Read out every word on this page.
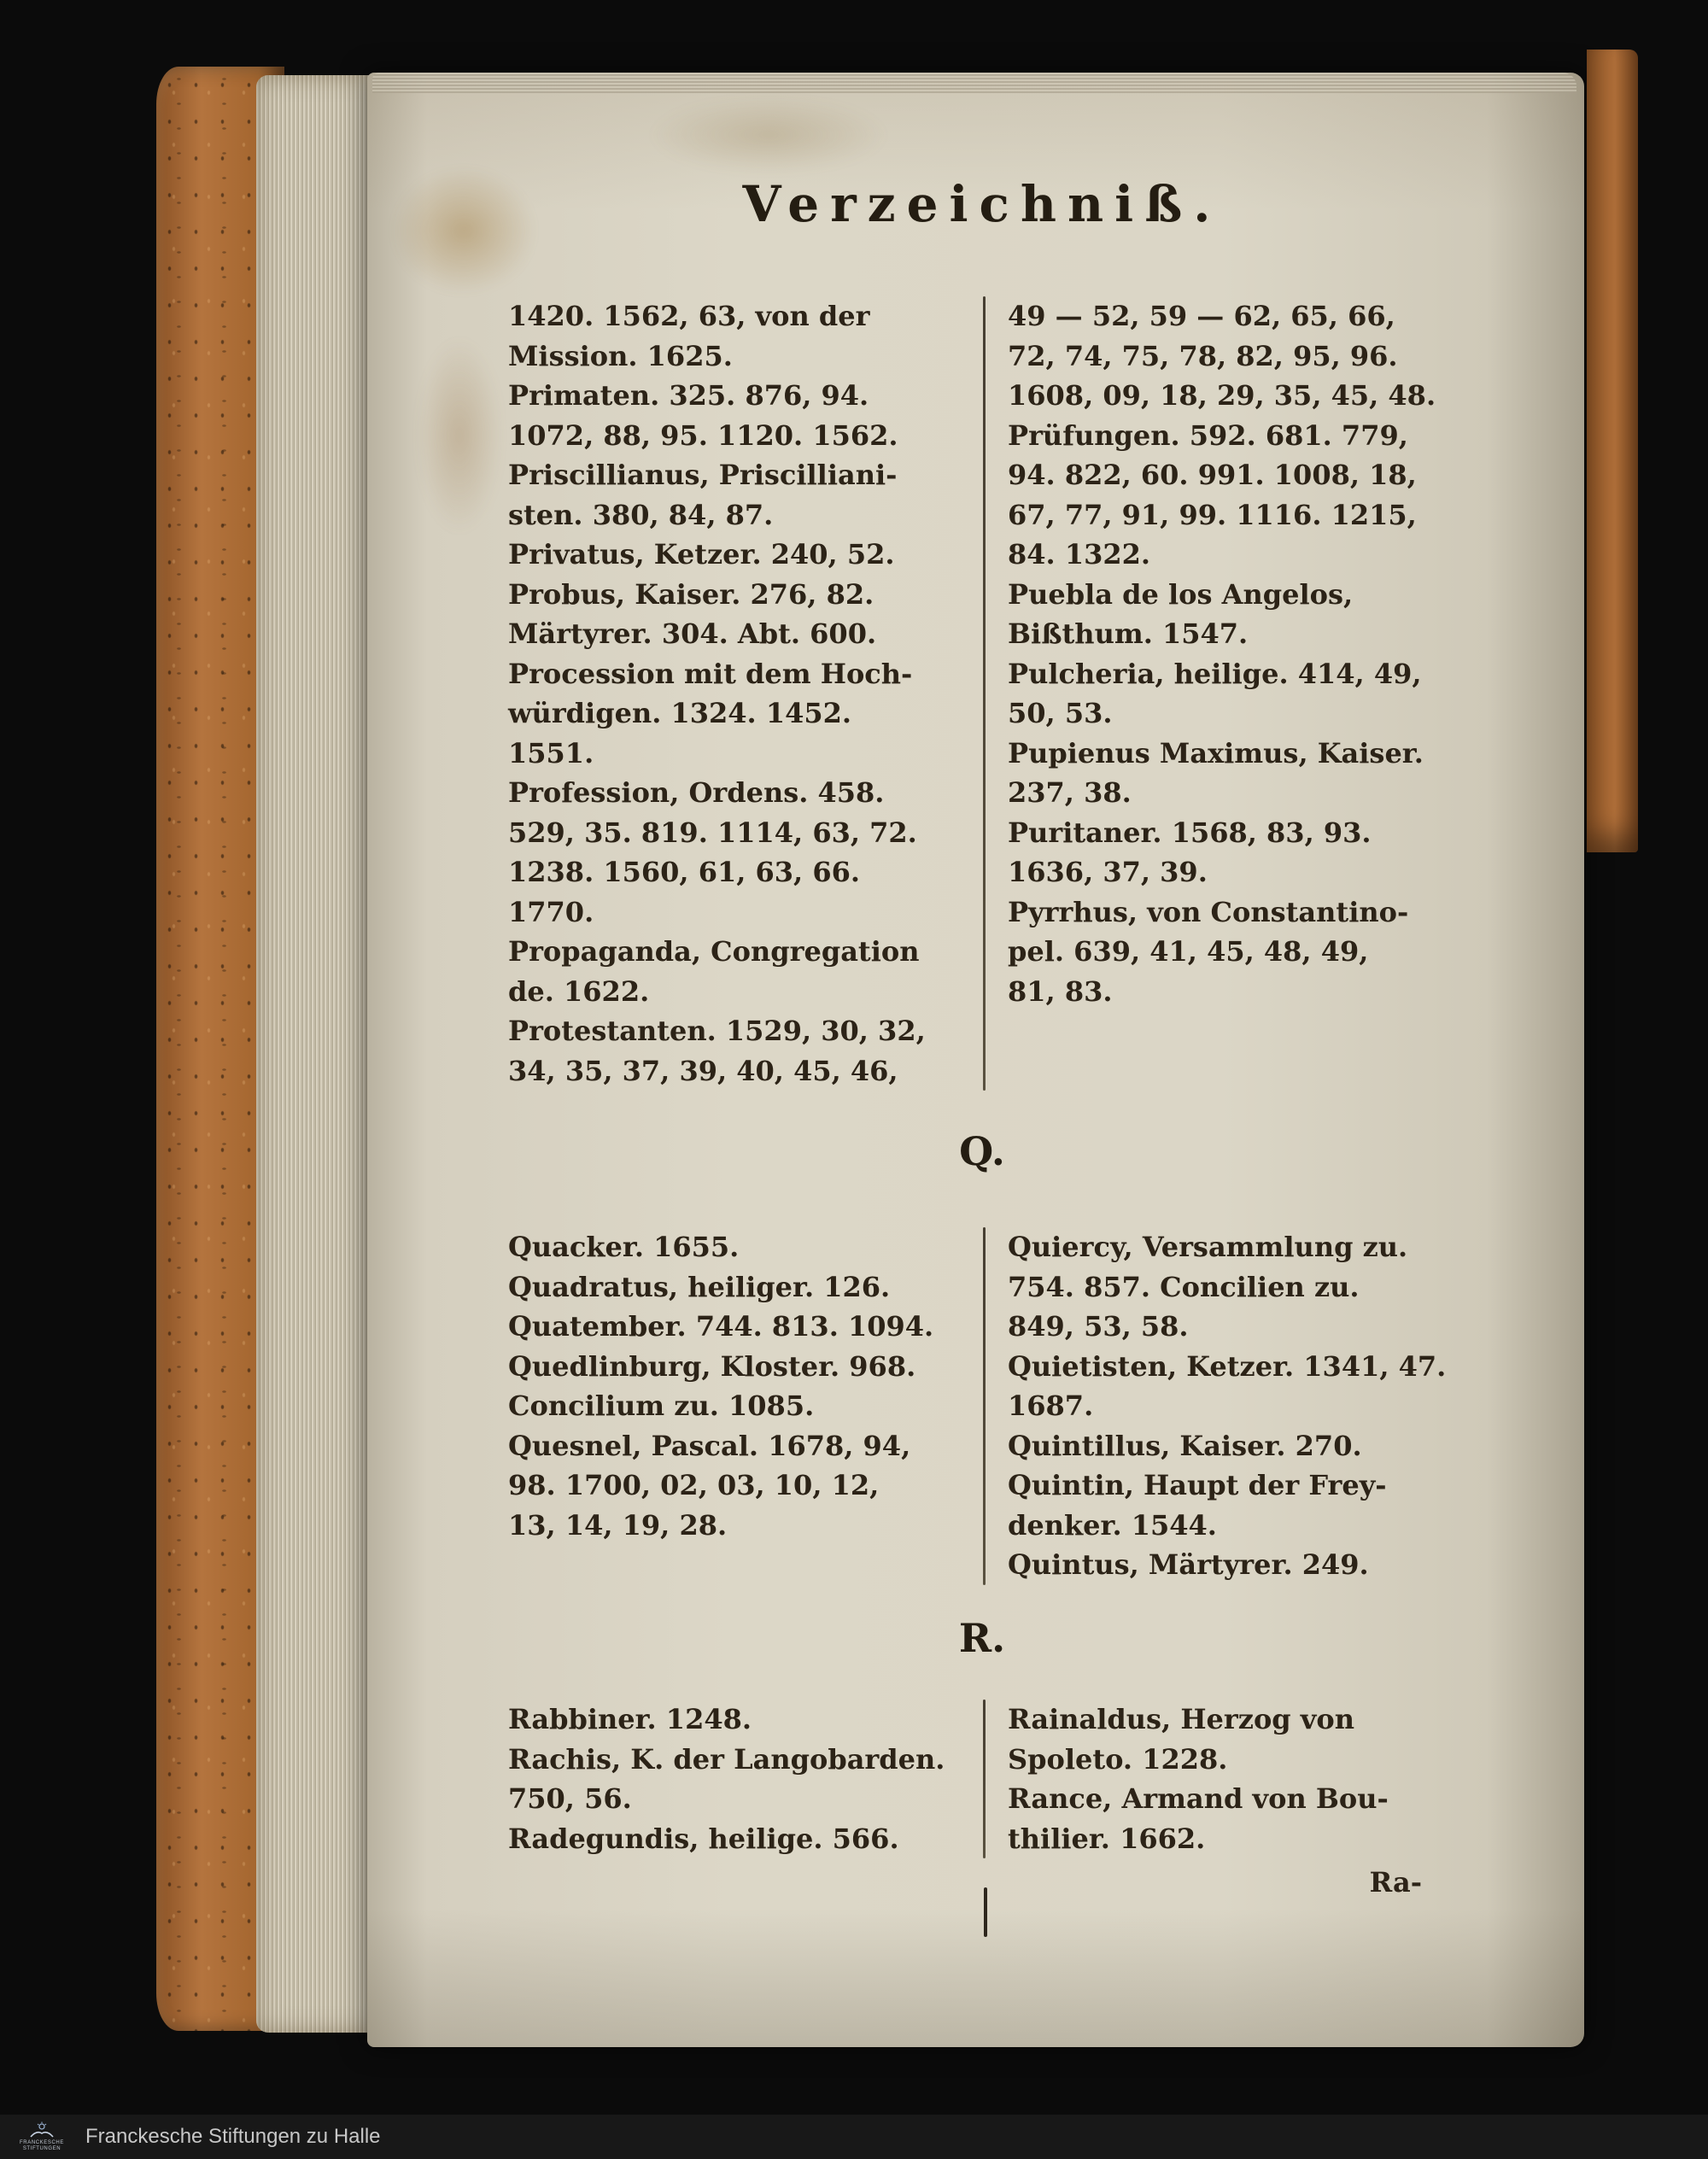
Verzeichniß.
1420. 1562, 63, von der
Mission. 1625.
Primaten. 325. 876, 94.
1072, 88, 95. 1120. 1562.
Priscillianus, Priscilliani-
sten. 380, 84, 87.
Privatus, Ketzer. 240, 52.
Probus, Kaiser. 276, 82.
Märtyrer. 304. Abt. 600.
Procession mit dem Hoch-
würdigen. 1324. 1452.
1551.
Profession, Ordens. 458.
529, 35. 819. 1114, 63, 72.
1238. 1560, 61, 63, 66.
1770.
Propaganda, Congregation
de. 1622.
Protestanten. 1529, 30, 32,
34, 35, 37, 39, 40, 45, 46,
49 — 52, 59 — 62, 65, 66,
72, 74, 75, 78, 82, 95, 96.
1608, 09, 18, 29, 35, 45, 48.
Prüfungen. 592. 681. 779,
94. 822, 60. 991. 1008, 18,
67, 77, 91, 99. 1116. 1215,
84. 1322.
Puebla de los Angelos,
Bißthum. 1547.
Pulcheria, heilige. 414, 49,
50, 53.
Pupienus Maximus, Kaiser.
237, 38.
Puritaner. 1568, 83, 93.
1636, 37, 39.
Pyrrhus, von Constantino-
pel. 639, 41, 45, 48, 49,
81, 83.
Q.
Quacker. 1655.
Quadratus, heiliger. 126.
Quatember. 744. 813. 1094.
Quedlinburg, Kloster. 968.
Concilium zu. 1085.
Quesnel, Pascal. 1678, 94,
98. 1700, 02, 03, 10, 12,
13, 14, 19, 28.
Quiercy, Versammlung zu.
754. 857. Concilien zu.
849, 53, 58.
Quietisten, Ketzer. 1341, 47.
1687.
Quintillus, Kaiser. 270.
Quintin, Haupt der Frey-
denker. 1544.
Quintus, Märtyrer. 249.
R.
Rabbiner. 1248.
Rachis, K. der Langobarden.
750, 56.
Radegundis, heilige. 566.
Rainaldus, Herzog von
Spoleto. 1228.
Rance, Armand von Bou-
thilier. 1662.
Ra-
FRANCKESCHE STIFTUNGEN
Franckesche Stiftungen zu Halle
